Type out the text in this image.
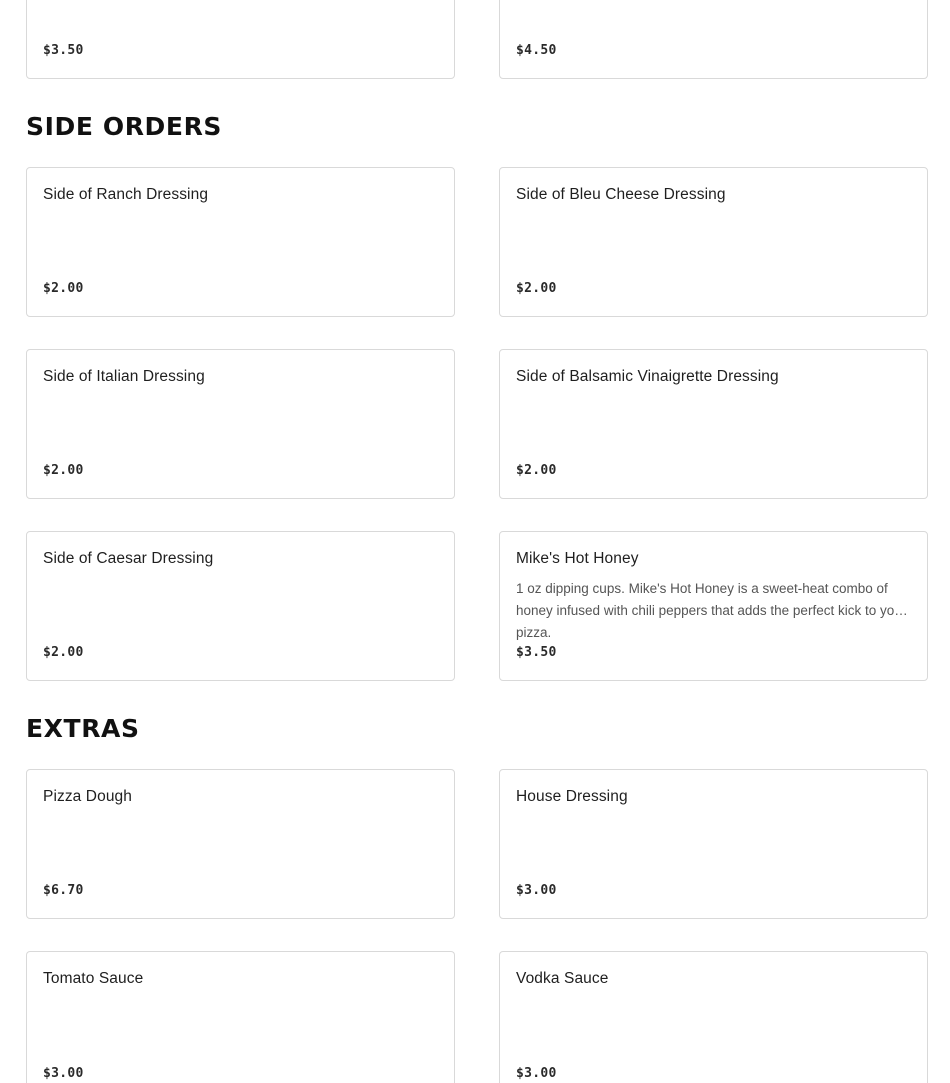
$3.50	$4.50
SIDE ORDERS
Side of Ranch Dressing
$2.00
Side of Bleu Cheese Dressing
$2.00
Side of Italian Dressing
$2.00
Side of Balsamic Vinaigrette Dressing
$2.00
Side of Caesar Dressing
$2.00
Mike's Hot Honey
1 oz dipping cups. Mike's Hot Honey is a sweet-heat combo of honey infused with chili peppers that adds the perfect kick to your pizza.
$3.50
EXTRAS
Pizza Dough
$6.70
House Dressing
$3.00
Tomato Sauce
$3.00
Vodka Sauce
$3.00
